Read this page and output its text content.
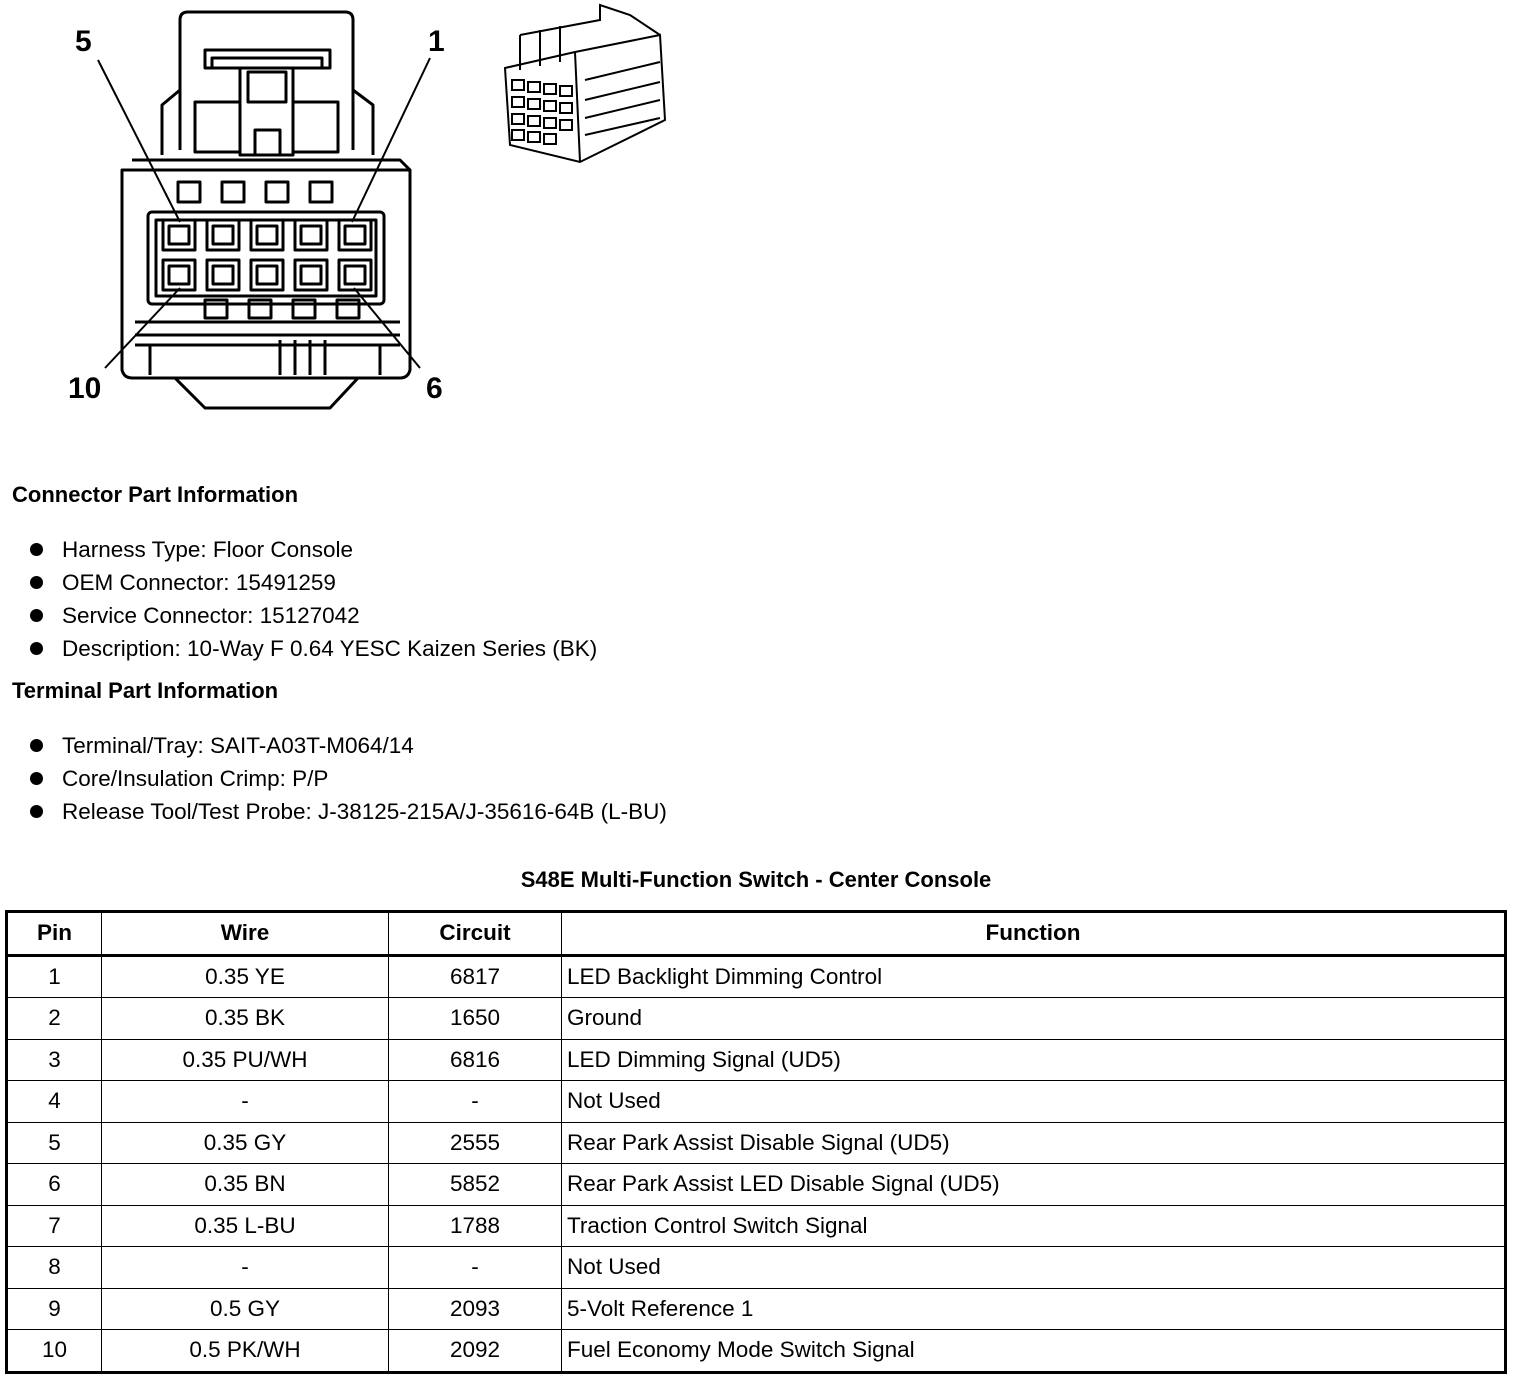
5	1
10	6
Connector Part Information
Harness Type: Floor Console
OEM Connector: 15491259
Service Connector: 15127042
Description: 10-Way F 0.64 YESC Kaizen Series (BK)
Terminal Part Information
Terminal/Tray: SAIT-A03T-M064/14
Core/Insulation Crimp: P/P
Release Tool/Test Probe: J-38125-215A/J-35616-64B (L-BU)
S48E Multi-Function Switch - Center Console
Pin	Wire	Circuit	Function
1	0.35 YE	6817	LED Backlight Dimming Control
2	0.35 BK	1650	Ground
3	0.35 PU/WH	6816	LED Dimming Signal (UD5)
4	-	-	Not Used
5	0.35 GY	2555	Rear Park Assist Disable Signal (UD5)
6	0.35 BN	5852	Rear Park Assist LED Disable Signal (UD5)
7	0.35 L-BU	1788	Traction Control Switch Signal
8	-	-	Not Used
9	0.5 GY	2093	5-Volt Reference 1
10	0.5 PK/WH	2092	Fuel Economy Mode Switch Signal
